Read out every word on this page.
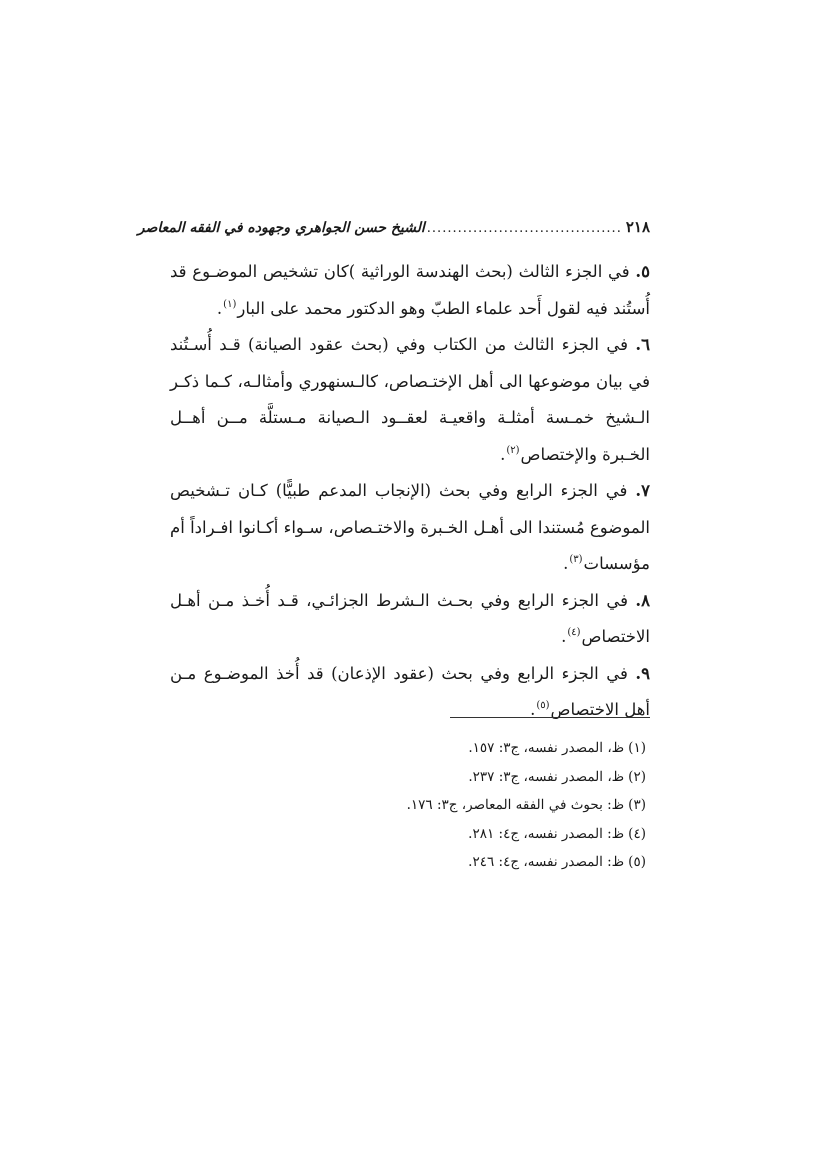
٢١٨
......................................
الشيخ حسن الجواهري وجهوده في الفقه المعاصر

٥. في الجزء الثالث (بحث الهندسة الوراثية )كان تشخيص الموضـوع قد أُستُند فيه لقول أَحد علماء الطبّ وهو الدكتور محمد على البار$^{(١)}$.

٦. في الجزء الثالث من الكتاب وفي (بحث عقود الصيانة) قـد أُسـتُند في بيان موضوعها الى أهل الإختـصاص، كالـسنهوري وأمثالـه، كـما ذكـر الـشيخ خمـسة أمثلـة واقعيـة لعقــود الـصيانة مـستلَّة مــن أهــل الخـبرة والإختصاص$^{(٢)}$.

٧. في الجزء الرابع وفي بحث (الإنجاب المدعم طبيًّا) كـان تـشخيص الموضوع مُستندا الى أهـل الخـبرة والاختـصاص، سـواء أكـانوا افـراداً أم مؤسسات$^{(٣)}$.

٨. في الجزء الرابع وفي بحـث الـشرط الجزائـي، قـد أُخـذ مـن أهـل الاختصاص$^{(٤)}$.

٩. في الجزء الرابع وفي بحث (عقود الإذعان) قد أُخذ الموضـوع مـن أهل الاختصاص$^{(٥)}$.

(١)ظ، المصدر نفسه، ج٣: ١٥٧.

(٢)ظ، المصدر نفسه، ج٣: ٢٣٧.

(٣)ظ: بحوث في الفقه المعاصر، ج٣: ١٧٦.

(٤)ظ: المصدر نفسه، ج٤: ٢٨١.

(٥)ظ: المصدر نفسه، ج٤: ٢٤٦.
